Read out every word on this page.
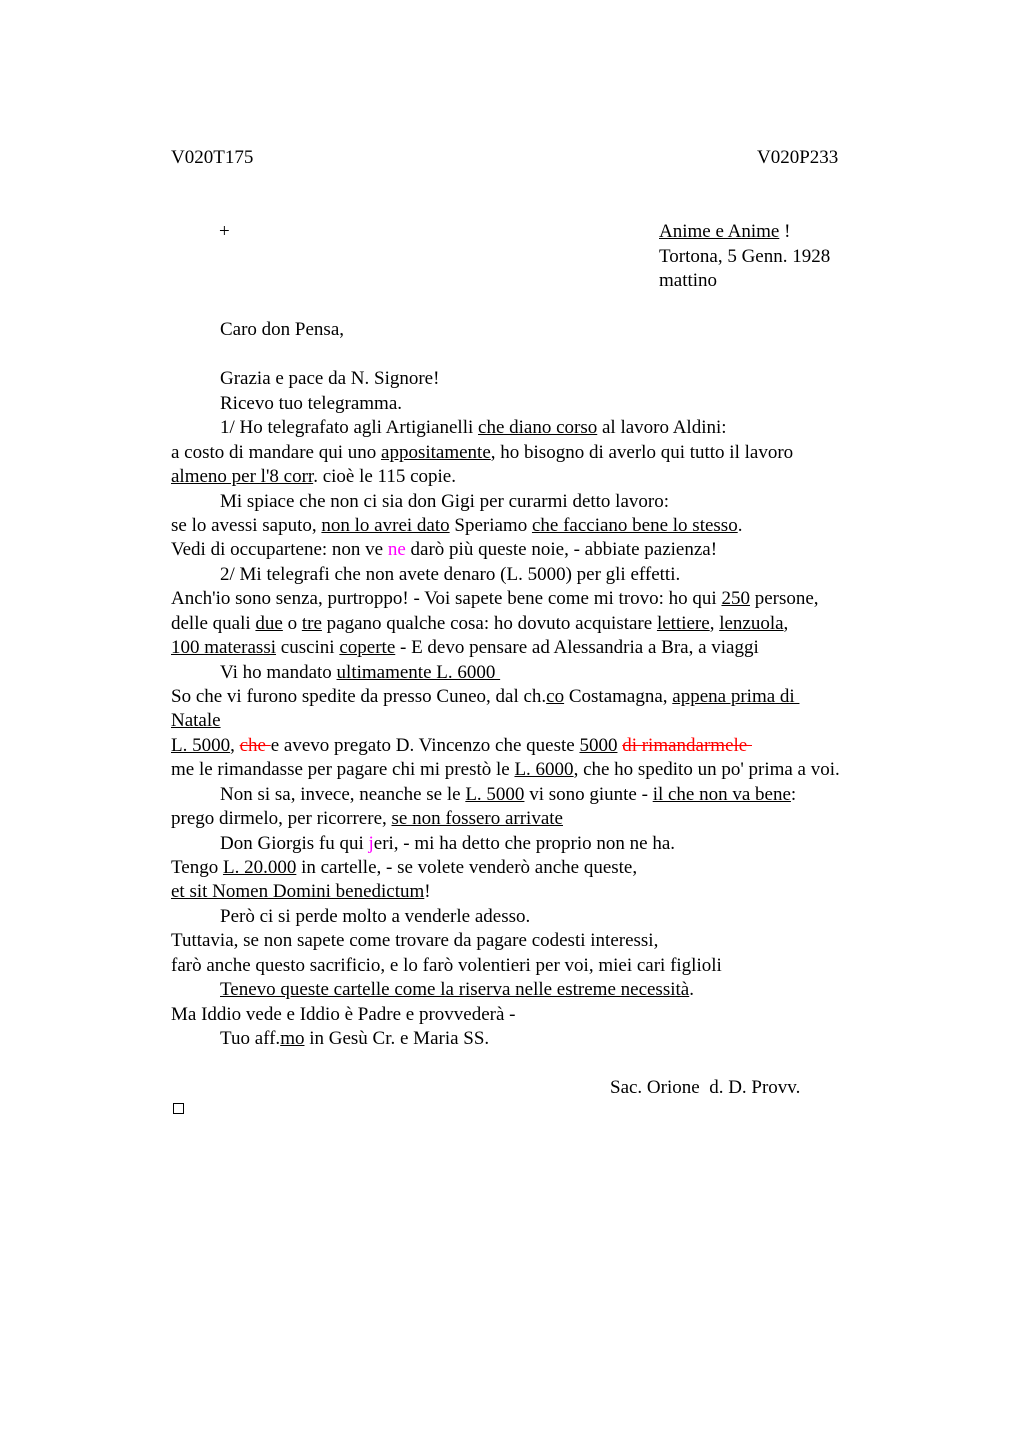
V020T175	V020P233
+	Anime e Anime !
Tortona, 5 Genn. 1928
mattino
Caro don Pensa,
Grazia e pace da N. Signore!
Ricevo tuo telegramma.
1/ Ho telegrafato agli Artigianelli che diano corso al lavoro Aldini:
a costo di mandare qui uno appositamente, ho bisogno di averlo qui tutto il lavoro
almeno per l'8 corr. cioè le 115 copie.
Mi spiace che non ci sia don Gigi per curarmi detto lavoro:
se lo avessi saputo, non lo avrei dato Speriamo che facciano bene lo stesso.
Vedi di occupartene: non ve ne darò più queste noie, - abbiate pazienza!
2/ Mi telegrafi che non avete denaro (L. 5000) per gli effetti.
Anch'io sono senza, purtroppo! - Voi sapete bene come mi trovo: ho qui 250 persone,
delle quali due o tre pagano qualche cosa: ho dovuto acquistare lettiere, lenzuola,
100 materassi cuscini coperte - E devo pensare ad Alessandria a Bra, a viaggi
Vi ho mandato ultimamente L. 6000
So che vi furono spedite da presso Cuneo, dal ch.co Costamagna, appena prima di
Natale
L. 5000, che e avevo pregato D. Vincenzo che queste 5000 di rimandarmele
me le rimandasse per pagare chi mi prestò le L. 6000, che ho spedito un po' prima a voi.
Non si sa, invece, neanche se le L. 5000 vi sono giunte - il che non va bene:
prego dirmelo, per ricorrere, se non fossero arrivate
Don Giorgis fu qui jeri, - mi ha detto che proprio non ne ha.
Tengo L. 20.000 in cartelle, - se volete venderò anche queste,
et sit Nomen Domini benedictum!
Però ci si perde molto a venderle adesso.
Tuttavia, se non sapete come trovare da pagare codesti interessi,
farò anche questo sacrificio, e lo farò volentieri per voi, miei cari figlioli
Tenevo queste cartelle come la riserva nelle estreme necessità.
Ma Iddio vede e Iddio è Padre e provvederà -
Tuo aff.mo in Gesù Cr. e Maria SS.
Sac. Orione  d. D. Provv.
